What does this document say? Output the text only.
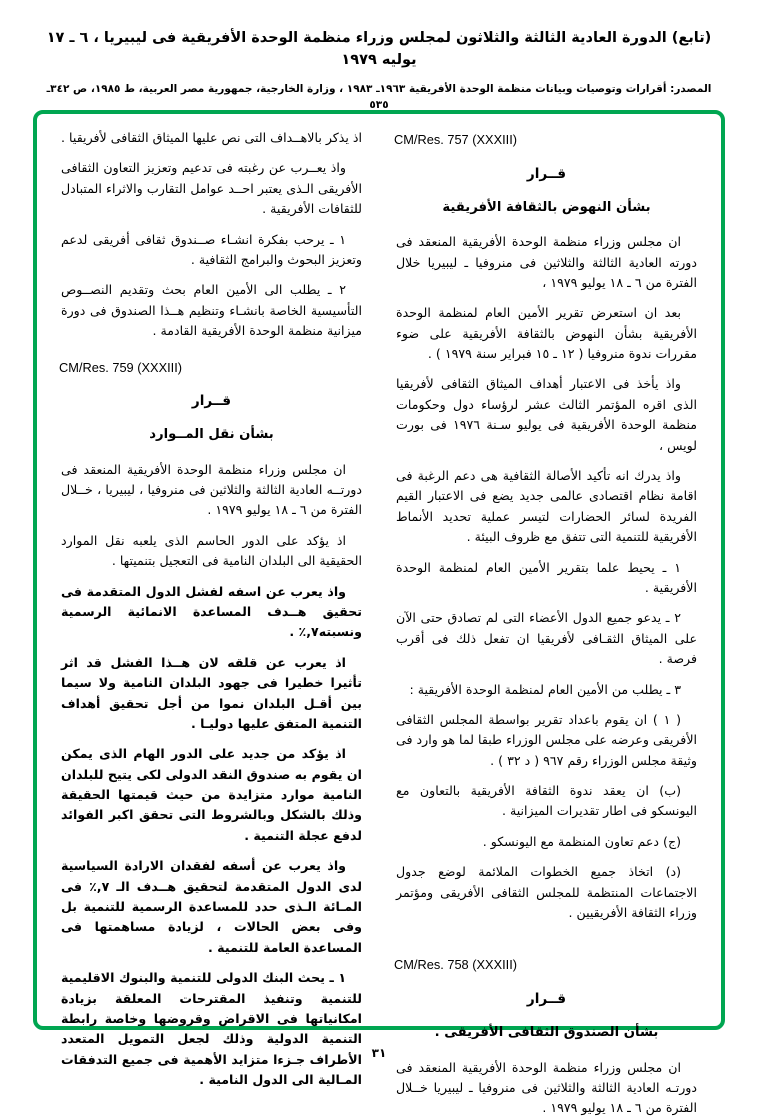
(تابع) الدورة العادية الثالثة والثلاثون لمجلس وزراء منظمة الوحدة الأفريقية فى ليبيريا ، ٦ ـ ١٧ يوليه ١٩٧٩
المصدر: أقرارات وتوصيات وبيانات منظمة الوحدة الأفريقية ١٩٦٣ـ ١٩٨٣ ، وزارة الخارجية، جمهورية مصر العربية، ط ١٩٨٥، ص ٣٤٢ـ ٥٣٥
CM/Res. 757 (XXXIII)
قــرار
بشأن النهوض بالثقافة الأفريقية

ان مجلس وزراء منظمة الوحدة الأفريقية المنعقد فى دورته العادية الثالثة والثلاثين فى منروفيا ـ ليبيريا خلال الفترة من ٦ ـ ١٨ يوليو ١٩٧٩ ،

بعد ان استعرض تقرير الأمين العام لمنظمة الوحدة الأفريقية بشأن النهوض بالثقافة الأفريقية على ضوء مقررات ندوة منروفيا ( ١٢ ـ ١٥ فبراير سنة ١٩٧٩ ) .

واذ يأخذ فى الاعتبار أهداف الميثاق الثقافى لأفريقيا الذى اقره المؤتمر الثالث عشر لرؤساء دول وحكومات منظمة الوحدة الأفريقية فى يوليو سـنة ١٩٧٦ فى بورت لويس ،

واذ يدرك انه تأكيد الأصالة الثقافية هى دعم الرغبة فى اقامة نظام اقتصادى عالمى جديد يضع فى الاعتبار القيم الفريدة لسائر الحضارات لتيسر عملية تحديد الأنماط الأفريقية للتنمية التى تتفق مع ظروف البيئة .

١ ـ يحيط علما بتقرير الأمين العام لمنظمة الوحدة الأفريقية .

٢ ـ يدعو جميع الدول الأعضاء التى لم تصادق حتى الآن على الميثاق الثقـافى لأفريقيا ان تفعل ذلك فى أقرب فرصة .

٣ ـ يطلب من الأمين العام لمنظمة الوحدة الأفريقية :

( ١ ) ان يقوم باعداد تقرير بواسطة المجلس الثقافى الأفريقى وعرضه على مجلس الوزراء طبقا لما هو وارد فى وثيقة مجلس الوزراء رقم ٩٦٧ ( د ٣٢ ) .

(ب) ان يعقد ندوة الثقافة الأفريقية بالتعاون مع اليونسكو فى اطار تقديرات الميزانية .

(ج) دعم تعاون المنظمة مع اليونسكو .

(د) اتخاذ جميع الخطوات الملائمة لوضع جدول الاجتماعات المنتظمة للمجلس الثقافى الأفريقى ومؤتمر وزراء الثقافة الأفريقيين .

CM/Res. 758 (XXXIII)
قــرار
بشأن الصندوق الثقافى الأفريقى .

ان مجلس وزراء منظمة الوحدة الأفريقية المنعقد فى دورتـه العادية الثالثة والثلاثين فى منروفيا ـ ليبيريا خــلال الفترة من ٦ ـ ١٨ يوليو ١٩٧٩ .

اذ يذكر بالاهــداف التى نص عليها الميثاق الثقافى لأفريقيا .

واذ يعــرب عن رغبته فى تدعيم وتعزيز التعاون الثقافى الأفريقى الـذى يعتبر احــد عوامل التقارب والاثراء المتبادل للثقافات الأفريقية .

١ ـ يرحب بفكرة انشـاء صــندوق ثقافى أفريقى لدعم وتعزيز البحوث والبرامج الثقافية .

٢ ـ يطلب الى الأمين العام بحث وتقديم النصــوص التأسيسية الخاصة بانشـاء وتنظيم هــذا الصندوق فى دورة ميزانية منظمة الوحدة الأفريقية القادمة .

CM/Res. 759 (XXXIII)
قــرار
بشأن نقل المــوارد

ان مجلس وزراء منظمة الوحدة الأفريقية المنعقد فى دورتــه العادية الثالثة والثلاثين فى منروفيا ، ليبيريا ، خــلال الفترة من ٦ ـ ١٨ يوليو ١٩٧٩ .

اذ يؤكد على الدور الحاسم الذى يلعبه نقل الموارد الحقيقية الى البلدان النامية فى التعجيل بتنميتها .

واذ يعرب عن اسفه لفشل الدول المتقدمة فى تحقيق هــدف المساعدة الانمائية الرسمية ونسبته٧,٪ .

اذ يعرب عن قلقه لان هــذا الفشل قد اثر تأثيرا خطيرا فى جهود البلدان النامية ولا سيما بين أقـل البلدان نموا من أجل تحقيق أهداف التنمية المتفق عليها دوليـا .

اذ يؤكد من جديد على الدور الهام الذى يمكن ان يقوم به صندوق النقد الدولى لكى يتيح للبلدان النامية موارد متزايدة من حيث قيمتها الحقيقة وذلك بالشكل وبالشروط التى تحقق اكبر الفوائد لدفع عجلة التنمية .

واذ يعرب عن أسفه لفقدان الارادة السياسية لدى الدول المتقدمة لتحقيق هــدف الـ ٧,٪ فى المـائة الـذى حدد للمساعدة الرسمية للتنمية بل وفى بعض الحالات ، لزيادة مساهمتها فى المساعدة العامة للتنمية .

١ ـ يحث البنك الدولى للتنمية والبنوك الاقليمية للتنمية وتنفيذ المقترحات المعلقة بزيادة امكانياتها فى الاقراض وقروضها وخاصة رابطة التنمية الدولية وذلك لجعل التمويل المتعدد الأطراف جـزءا متزايد الأهمية فى جميع التدفقات المـالية الى الدول النامية .

٣١
